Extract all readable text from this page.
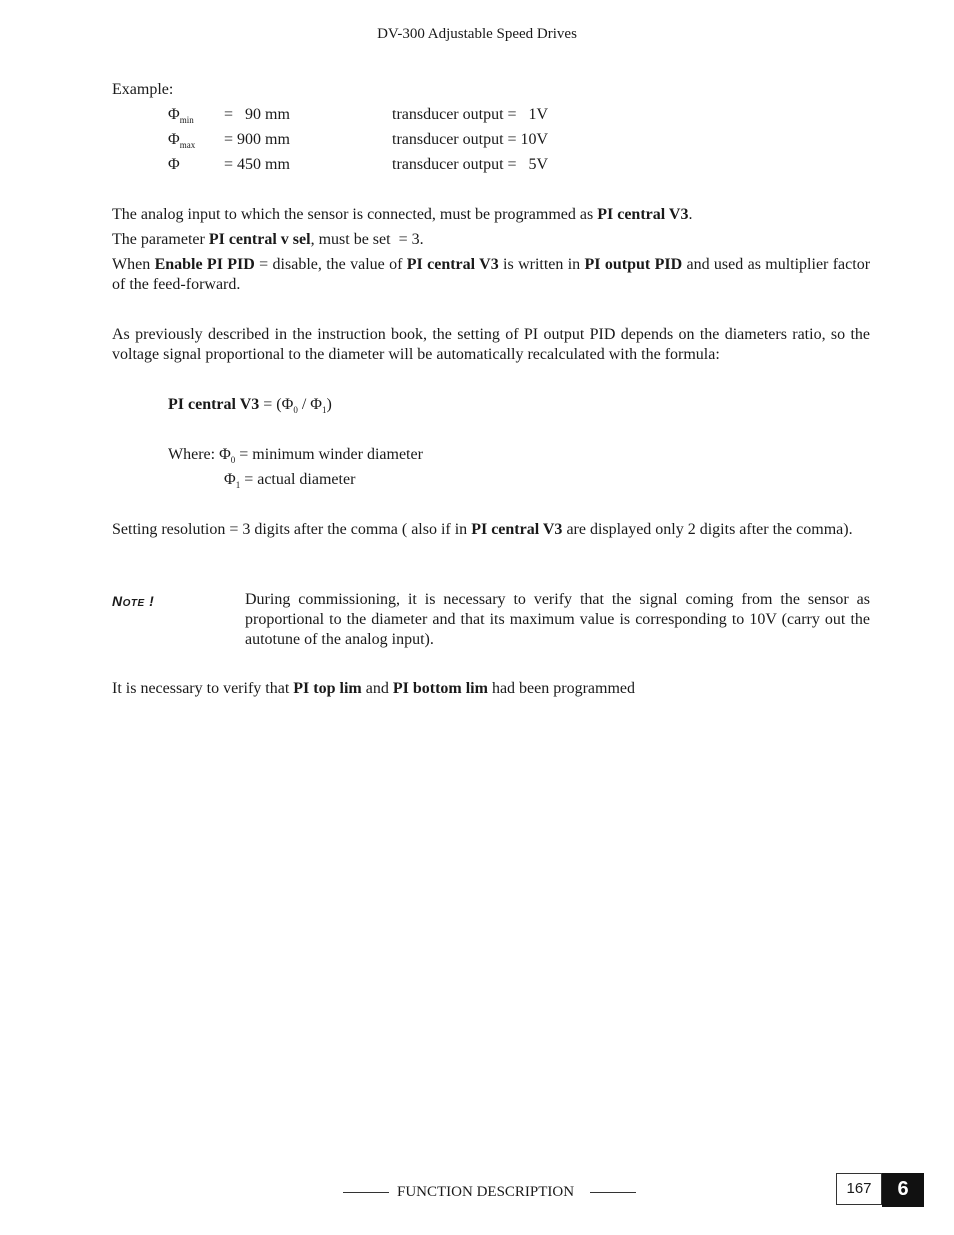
DV-300 Adjustable Speed Drives
Example:
$\Phi_{min} = 90$ mm	transducer output =   1V
$\Phi_{max} = 900$ mm	transducer output = 10V
Φ	= 450 mm	transducer output =   5V
The analog input to which the sensor is connected, must be programmed as PI central V3.
The parameter PI central v sel, must be set  = 3.
When Enable PI PID = disable, the value of PI central V3 is written in PI output PID and used as multiplier factor of the feed-forward.
As previously described in the instruction book, the setting of PI output PID depends on the diameters ratio, so the voltage signal proportional to the diameter will be automatically recalculated with the formula:
PI central $V3 = (\Phi_0 / \Phi_1)$
Where: $\Phi_0$ = minimum winder diameter
$\Phi_1$ = actual diameter
Setting resolution = 3 digits after the comma ( also if in PI central V3 are displayed only 2 digits after the comma).
NOTE !	During commissioning, it is necessary to verify that the signal coming from the sensor as proportional to the diameter and that its maximum value is corresponding to 10V (carry out the autotune of the analog input).
It is necessary to verify that PI top lim and PI bottom lim had been programmed
FUNCTION DESCRIPTION	167	6
